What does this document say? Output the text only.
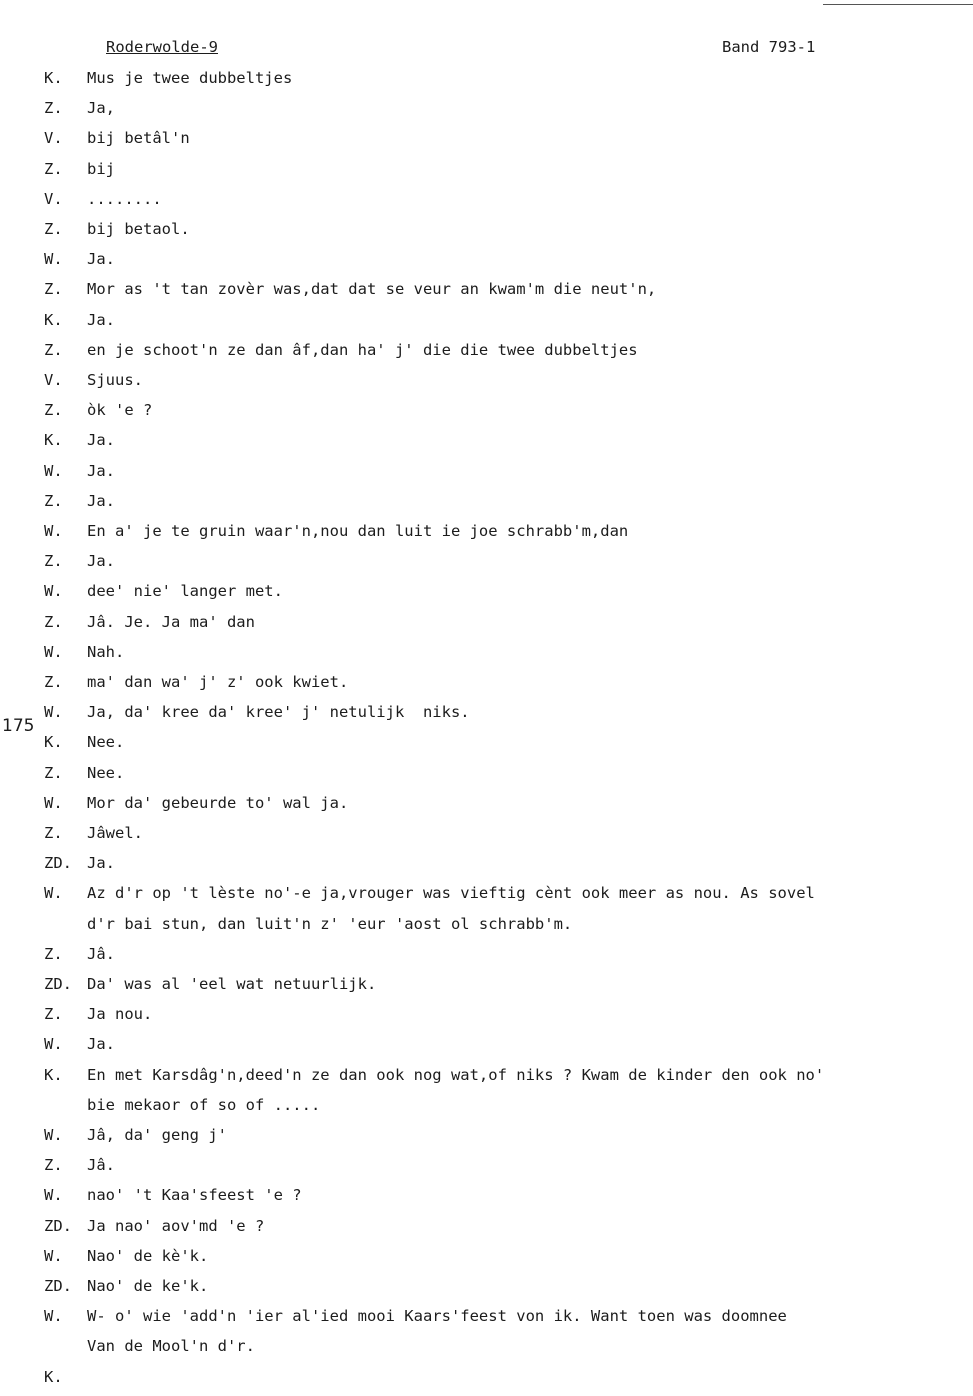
Roderwolde-9	Band 793-1
175
K. Mus je twee dubbeltjes
Z. Ja,
V. bij betâl'n
Z. bij
V. ........
Z. bij betaol.
W. Ja.
Z. Mor as 't tan zovèr was,dat dat se veur an kwam'm die neut'n,
K. Ja.
Z. en je schoot'n ze dan âf,dan ha' j' die die twee dubbeltjes
V. Sjuus.
Z. òk 'e ?
K. Ja.
W. Ja.
Z. Ja.
W. En a' je te gruin waar'n,nou dan luit ie joe schrabb'm,dan
Z. Ja.
W. dee' nie' langer met.
Z. Jâ. Je. Ja ma' dan
W. Nah.
Z. ma' dan wa' j' z' ook kwiet.
W. Ja, da' kree da' kree' j' netulijk  niks.
K. Nee.
Z. Nee.
W. Mor da' gebeurde to' wal ja.
Z. Jâwel.
ZD. Ja.
W. Az d'r op 't lèste no'-e ja,vrouger was vieftig cènt ook meer as nou. As sovel
d'r bai stun, dan luit'n z' 'eur 'aost ol schrabb'm.
Z. Jâ.
ZD. Da' was al 'eel wat netuurlijk.
Z. Ja nou.
W. Ja.
K. En met Karsdâg'n,deed'n ze dan ook nog wat,of niks ? Kwam de kinder den ook no'
bie mekaor of so of .....
W. Jâ, da' geng j'
Z. Jâ.
W. nao' 't Kaa'sfeest 'e ?
ZD. Ja nao' aov'md 'e ?
W. Nao' de kè'k.
ZD. Nao' de ke'k.
W. W- o' wie 'add'n 'ier al'ied mooi Kaars'feest von ik. Want toen was doomnee
Van de Mool'n d'r.
K.
